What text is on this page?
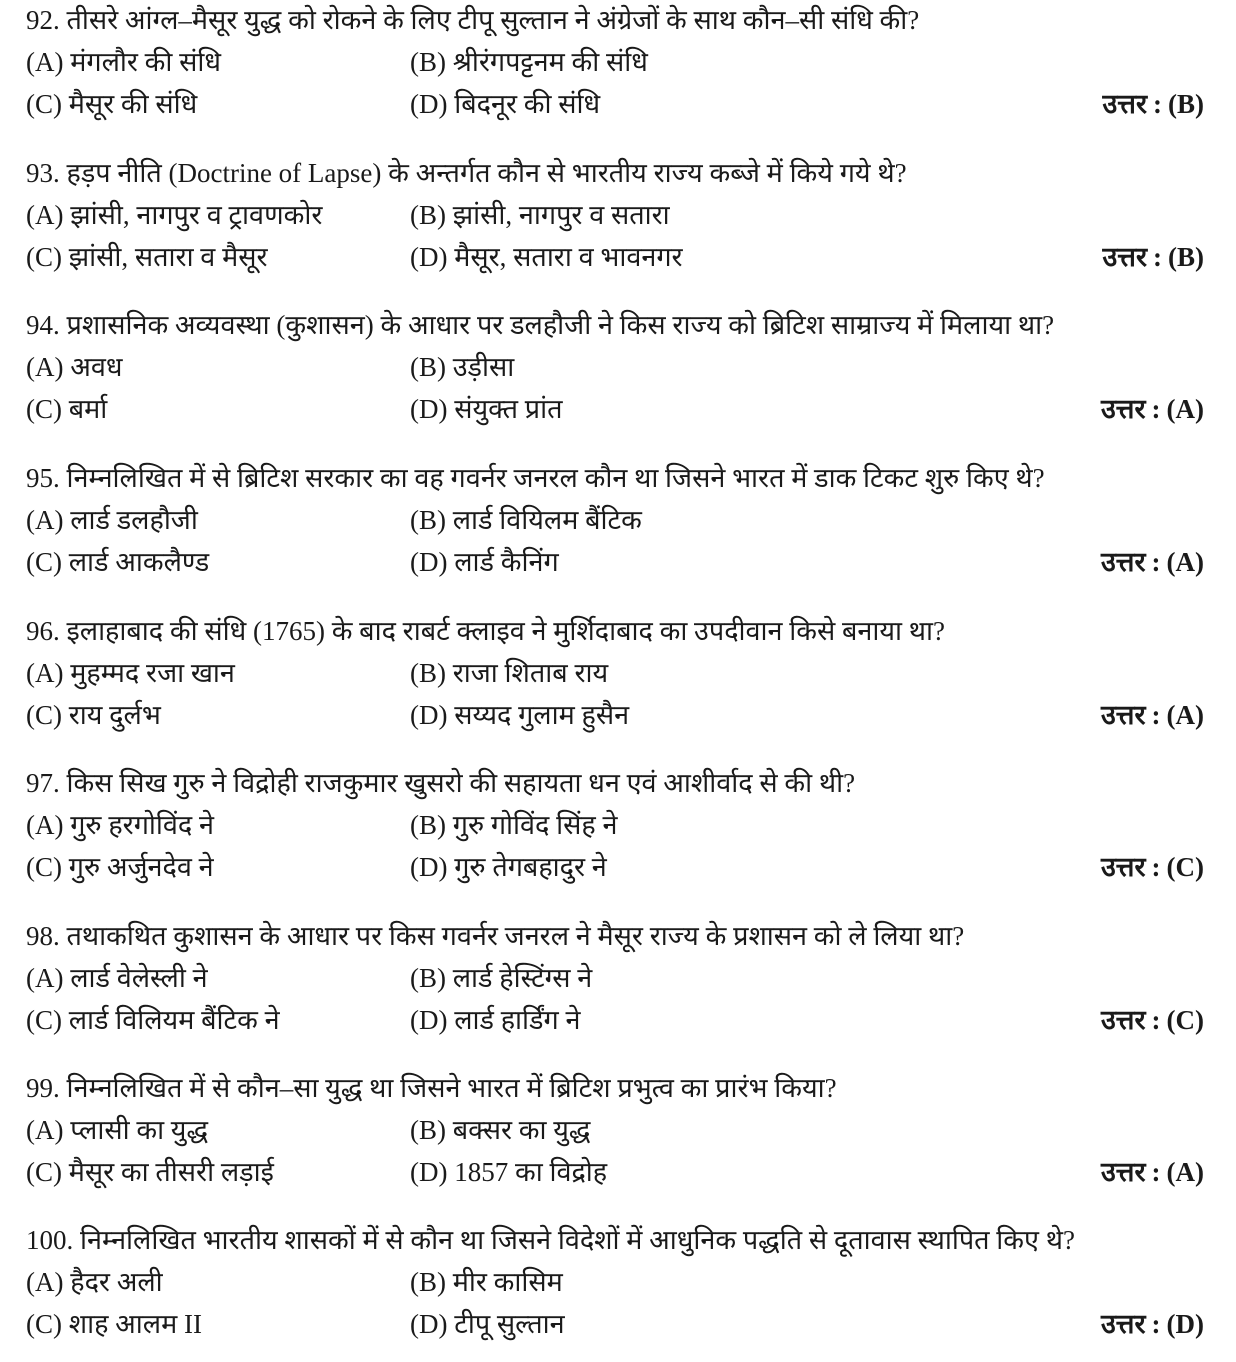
92. तीसरे आंग्ल–मैसूर युद्ध को रोकने के लिए टीपू सुल्तान ने अंग्रेजों के साथ कौन–सी संधि की?
(A) मंगलौर की संधि	(B) श्रीरंगपट्टनम की संधि
(C) मैसूर की संधि	(D) बिदनूर की संधि	उत्तर : (B)
93. हड़प नीति (Doctrine of Lapse) के अन्तर्गत कौन से भारतीय राज्य कब्जे में किये गये थे?
(A) झांसी, नागपुर व ट्रावणकोर	(B) झांसी, नागपुर व सतारा
(C) झांसी, सतारा व मैसूर	(D) मैसूर, सतारा व भावनगर	उत्तर : (B)
94. प्रशासनिक अव्यवस्था (कुशासन) के आधार पर डलहौजी ने किस राज्य को ब्रिटिश साम्राज्य में मिलाया था?
(A) अवध	(B) उड़ीसा
(C) बर्मा	(D) संयुक्त प्रांत	उत्तर : (A)
95. निम्नलिखित में से ब्रिटिश सरकार का वह गवर्नर जनरल कौन था जिसने भारत में डाक टिकट शुरु किए थे?
(A) लार्ड डलहौजी	(B) लार्ड वियिलम बैंटिक
(C) लार्ड आकलैण्ड	(D) लार्ड कैनिंग	उत्तर : (A)
96. इलाहाबाद की संधि (1765) के बाद राबर्ट क्लाइव ने मुर्शिदाबाद का उपदीवान किसे बनाया था?
(A) मुहम्मद रजा खान	(B) राजा शिताब राय
(C) राय दुर्लभ	(D) सय्यद गुलाम हुसैन	उत्तर : (A)
97. किस सिख गुरु ने विद्रोही राजकुमार खुसरो की सहायता धन एवं आशीर्वाद से की थी?
(A) गुरु हरगोविंद ने	(B) गुरु गोविंद सिंह ने
(C) गुरु अर्जुनदेव ने	(D) गुरु तेगबहादुर ने	उत्तर : (C)
98. तथाकथित कुशासन के आधार पर किस गवर्नर जनरल ने मैसूर राज्य के प्रशासन को ले लिया था?
(A) लार्ड वेलेस्ली ने	(B) लार्ड हेस्टिंग्स ने
(C) लार्ड विलियम बैंटिक ने	(D) लार्ड हार्डिंग ने	उत्तर : (C)
99. निम्नलिखित में से कौन–सा युद्ध था जिसने भारत में ब्रिटिश प्रभुत्व का प्रारंभ किया?
(A) प्लासी का युद्ध	(B) बक्सर का युद्ध
(C) मैसूर का तीसरी लड़ाई	(D) 1857 का विद्रोह	उत्तर : (A)
100. निम्नलिखित भारतीय शासकों में से कौन था जिसने विदेशों में आधुनिक पद्धति से दूतावास स्थापित किए थे?
(A) हैदर अली	(B) मीर कासिम
(C) शाह आलम II	(D) टीपू सुल्तान	उत्तर : (D)
